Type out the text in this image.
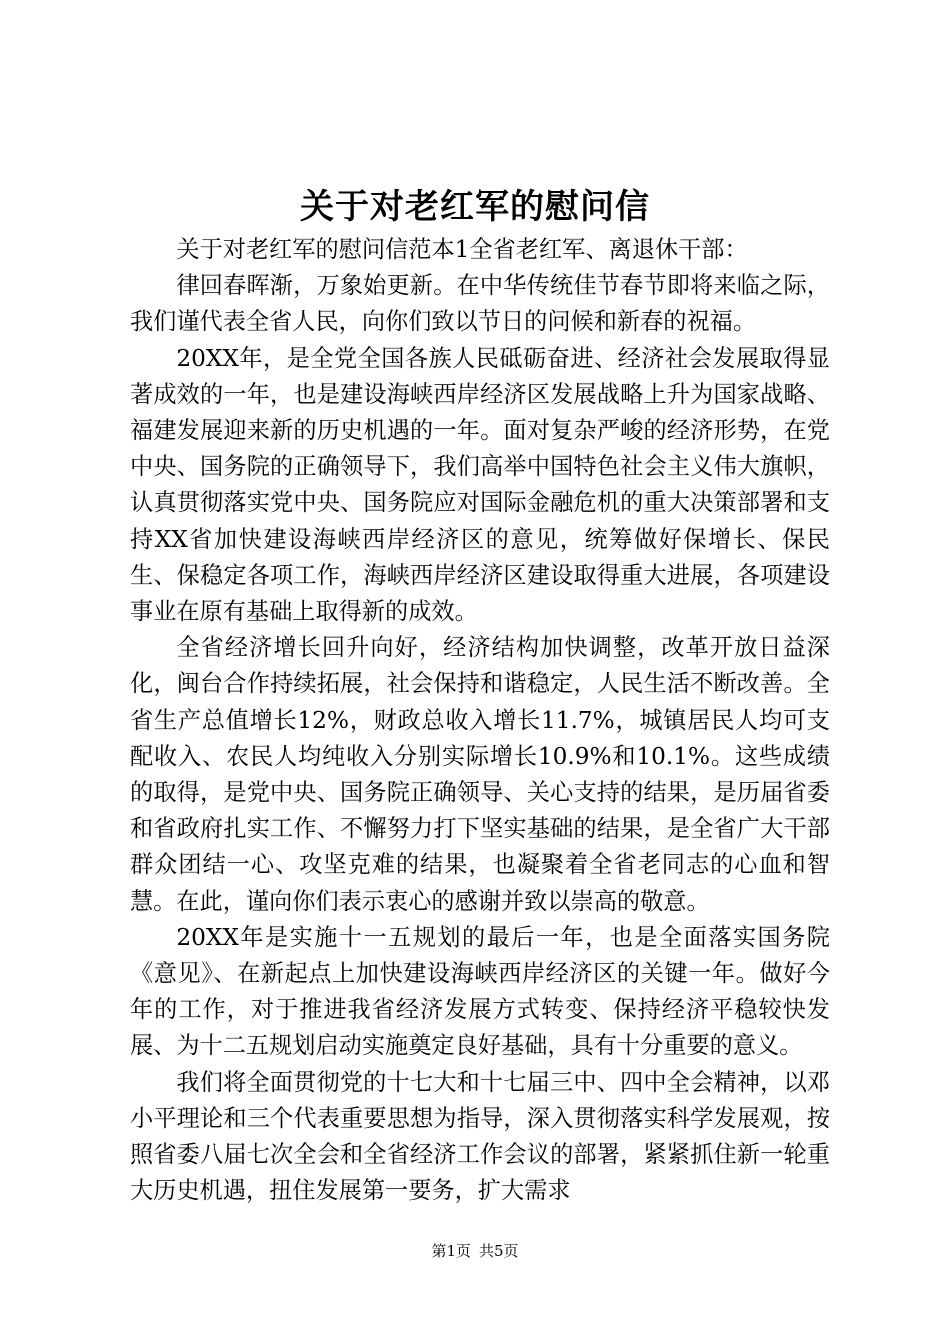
关于对老红军的慰问信

关于对老红军的慰问信范本1全省老红军、离退休干部：

律回春晖渐，万象始更新。在中华传统佳节春节即将来临之际，我们谨代表全省人民，向你们致以节日的问候和新春的祝福。

20XX年，是全党全国各族人民砥砺奋进、经济社会发展取得显著成效的一年，也是建设海峡西岸经济区发展战略上升为国家战略、福建发展迎来新的历史机遇的一年。面对复杂严峻的经济形势，在党中央、国务院的正确领导下，我们高举中国特色社会主义伟大旗帜，认真贯彻落实党中央、国务院应对国际金融危机的重大决策部署和支持XX省加快建设海峡西岸经济区的意见，统筹做好保增长、保民生、保稳定各项工作，海峡西岸经济区建设取得重大进展，各项建设事业在原有基础上取得新的成效。

全省经济增长回升向好，经济结构加快调整，改革开放日益深化，闽台合作持续拓展，社会保持和谐稳定，人民生活不断改善。全省生产总值增长12%，财政总收入增长11.7%，城镇居民人均可支配收入、农民人均纯收入分别实际增长10.9%和10.1%。这些成绩的取得，是党中央、国务院正确领导、关心支持的结果，是历届省委和省政府扎实工作、不懈努力打下坚实基础的结果，是全省广大干部群众团结一心、攻坚克难的结果，也凝聚着全省老同志的心血和智慧。在此，谨向你们表示衷心的感谢并致以崇高的敬意。

20XX年是实施十一五规划的最后一年，也是全面落实国务院《意见》、在新起点上加快建设海峡西岸经济区的关键一年。做好今年的工作，对于推进我省经济发展方式转变、保持经济平稳较快发展、为十二五规划启动实施奠定良好基础，具有十分重要的意义。

我们将全面贯彻党的十七大和十七届三中、四中全会精神，以邓小平理论和三个代表重要思想为指导，深入贯彻落实科学发展观，按照省委八届七次全会和全省经济工作会议的部署，紧紧抓住新一轮重大历史机遇，扭住发展第一要务，扩大需求

第1页 共5页
